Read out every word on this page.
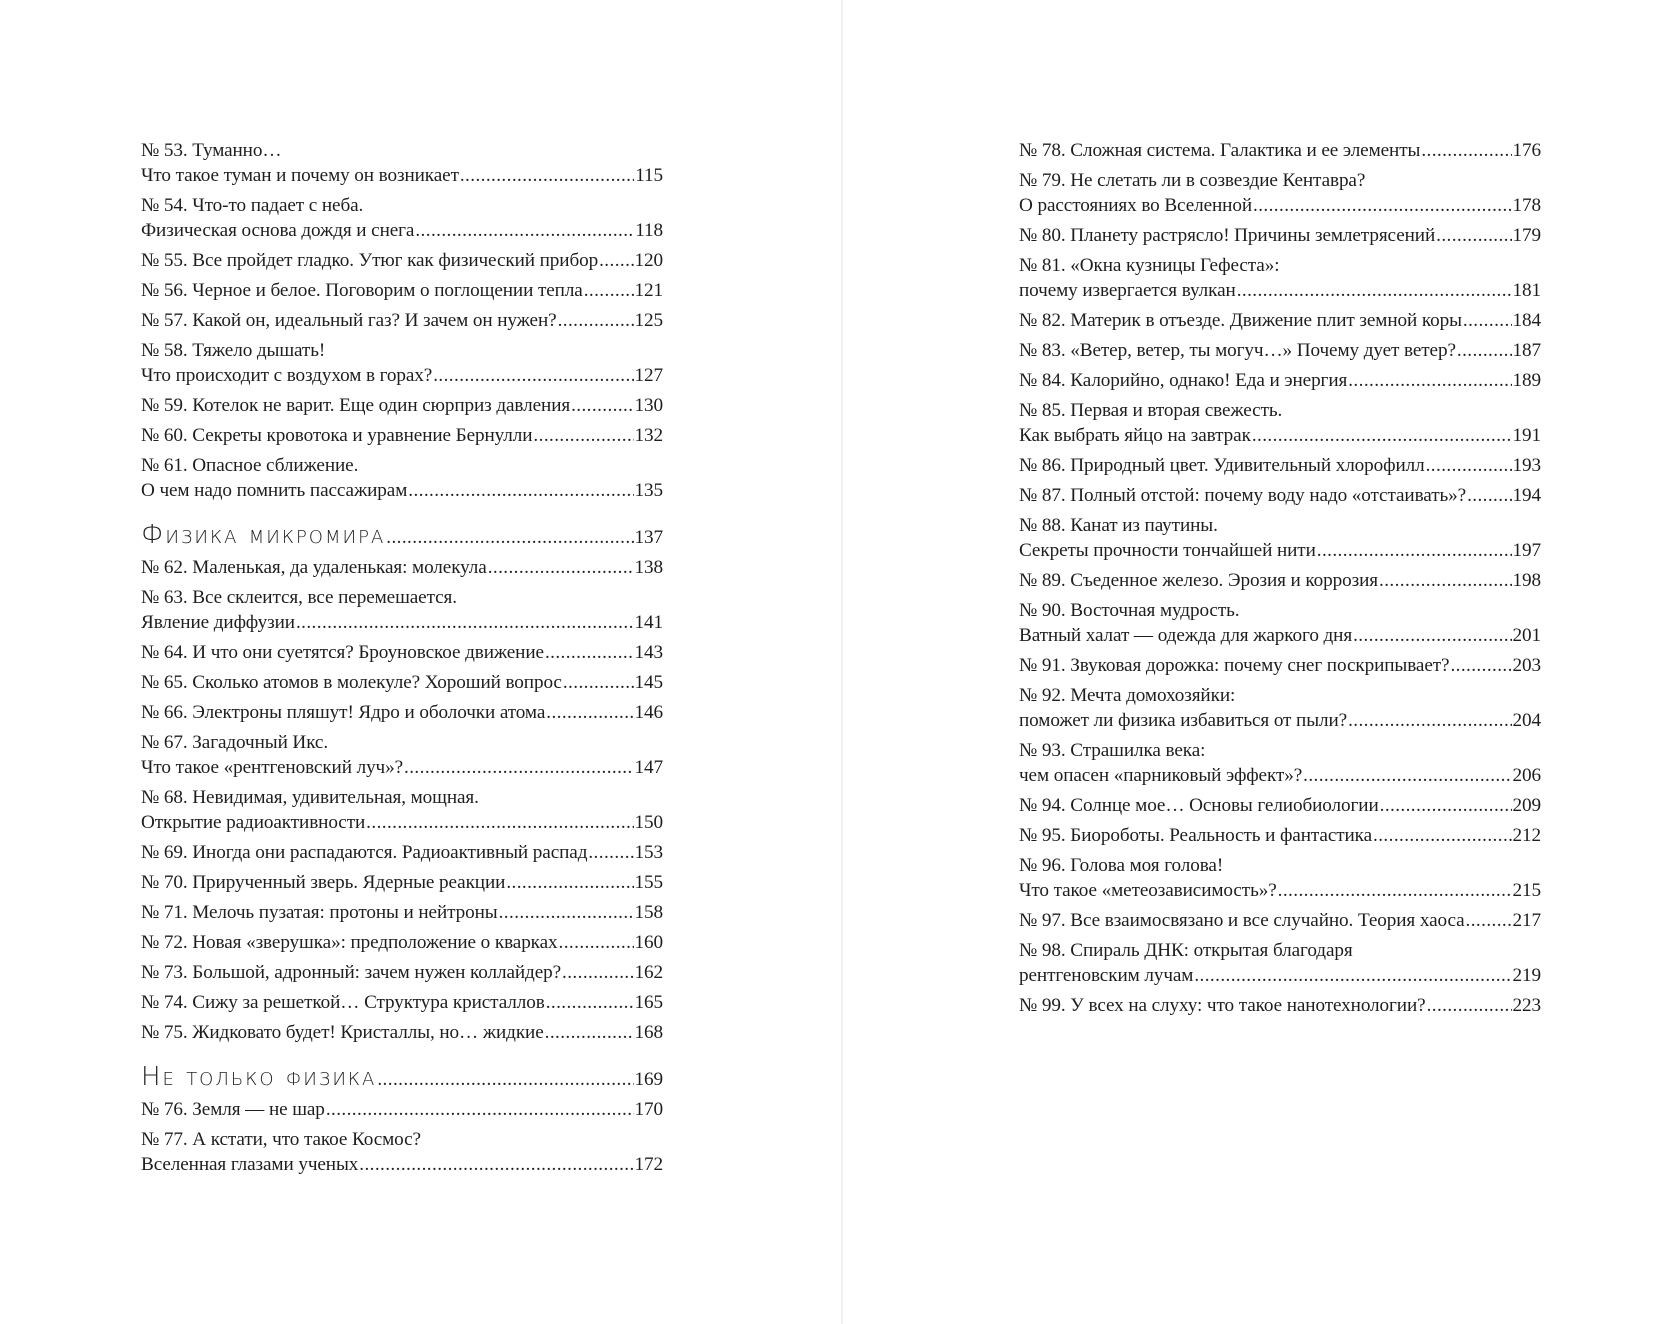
№ 53. Туманно…
Что такое туман и почему он возникает .....	115
№ 54. Что-то падает с неба.
Физическая основа дождя и снега .....	118
№ 55. Все пройдет гладко. Утюг как физический прибор ..... 120
№ 56. Черное и белое. Поговорим о поглощении тепла .....	121
№ 57. Какой он, идеальный газ? И зачем он нужен? .....	125
№ 58. Тяжело дышать!
Что происходит с воздухом в горах? .....	127
№ 59. Котелок не варит. Еще один сюрприз давления .....	130
№ 60. Секреты кровотока и уравнение Бернулли .....	132
№ 61. Опасное сближение.
О чем надо помнить пассажирам .....	135
Физика микромира .....	137
№ 62. Маленькая, да удаленькая: молекула .....	138
№ 63. Все склеится, все перемешается.
Явление диффузии .....	141
№ 64. И что они суетятся? Броуновское движение .....	143
№ 65. Сколько атомов в молекуле? Хороший вопрос .....	145
№ 66. Электроны пляшут! Ядро и оболочки атома .....	146
№ 67. Загадочный Икс.
Что такое «рентгеновский луч»? .....	147
№ 68. Невидимая, удивительная, мощная.
Открытие радиоактивности .....	150
№ 69. Иногда они распадаются. Радиоактивный распад ..... 153
№ 70. Прирученный зверь. Ядерные реакции .....	155
№ 71. Мелочь пузатая: протоны и нейтроны .....	158
№ 72. Новая «зверушка»: предположение о кварках .....	160
№ 73. Большой, адронный: зачем нужен коллайдер? .....	162
№ 74. Сижу за решеткой… Структура кристаллов .....	165
№ 75. Жидковато будет! Кристаллы, но… жидкие .....	168
Не только физика .....	169
№ 76. Земля — не шар .....	170
№ 77. А кстати, что такое Космос?
Вселенная глазами ученых .....	172
№ 78. Сложная система. Галактика и ее элементы .....	176
№ 79. Не слетать ли в созвездие Кентавра?
О расстояниях во Вселенной .....	178
№ 80. Планету растрясло! Причины землетрясений .....	179
№ 81. «Окна кузницы Гефеста»:
почему извергается вулкан .....	181
№ 82. Материк в отъезде. Движение плит земной коры .....	184
№ 83. «Ветер, ветер, ты могуч…» Почему дует ветер? .....	187
№ 84. Калорийно, однако! Еда и энергия .....	189
№ 85. Первая и вторая свежесть.
Как выбрать яйцо на завтрак .....	191
№ 86. Природный цвет. Удивительный хлорофилл .....	193
№ 87. Полный отстой: почему воду надо «отстаивать»? ..... 194
№ 88. Канат из паутины.
Секреты прочности тончайшей нити .....	197
№ 89. Съеденное железо. Эрозия и коррозия .....	198
№ 90. Восточная мудрость.
Ватный халат — одежда для жаркого дня .....	201
№ 91. Звуковая дорожка: почему снег поскрипывает? .....	203
№ 92. Мечта домохозяйки:
поможет ли физика избавиться от пыли? .....	204
№ 93. Страшилка века:
чем опасен «парниковый эффект»? .....	206
№ 94. Солнце мое… Основы гелиобиологии .....	209
№ 95. Биороботы. Реальность и фантастика .....	212
№ 96. Голова моя голова!
Что такое «метеозависимость»? .....	215
№ 97. Все взаимосвязано и все случайно. Теория хаоса ..... 217
№ 98. Спираль ДНК: открытая благодаря
рентгеновским лучам .....	219
№ 99. У всех на слуху: что такое нанотехнологии? .....	223
